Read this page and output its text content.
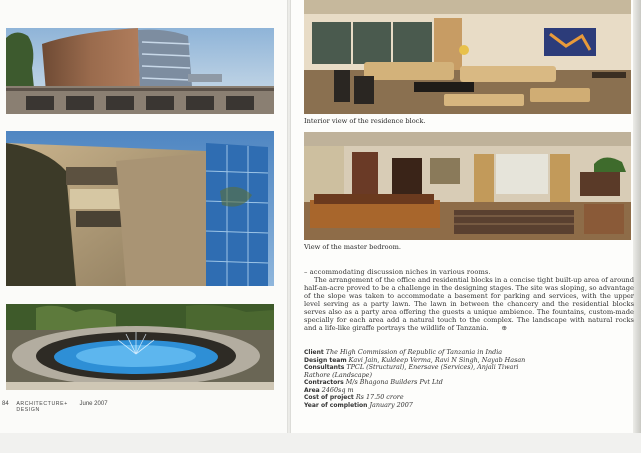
Interior view of the residence block.
View of the master bedroom.

– accommodating discussion niches in various rooms.

The arrangement of the office and residential blocks in a concise tight built-up area of around half-an-acre proved to be a challenge in the designing stages. The site was sloping, so advantage of the slope was taken to accommodate a basement for parking and services, with the upper level serving as a party lawn. The lawn in between the chancery and the residential blocks serves also as a party area offering the guests a unique ambience. The fountains, custom-made specially for each area add a natural touch to the complex. The landscape with natural rocks and a life-like giraffe portrays the wildlife of Tanzania. ⊕

Client The High Commission of Republic of Tanzania in India
Design team Kavi Jain, Kuldeep Verma, Ravi N Singh, Nayab Hasan
Consultants TPCL (Structural), Enersave (Services), Anjali Tiwari
Rathore (Landscape)
Contractors M/s Bhagona Builders Pvt Ltd
Area 2460sq m
Cost of project Rs 17.50 crore
Year of completion January 2007
84 ARCHITECTURE+
DESIGN June 2007
